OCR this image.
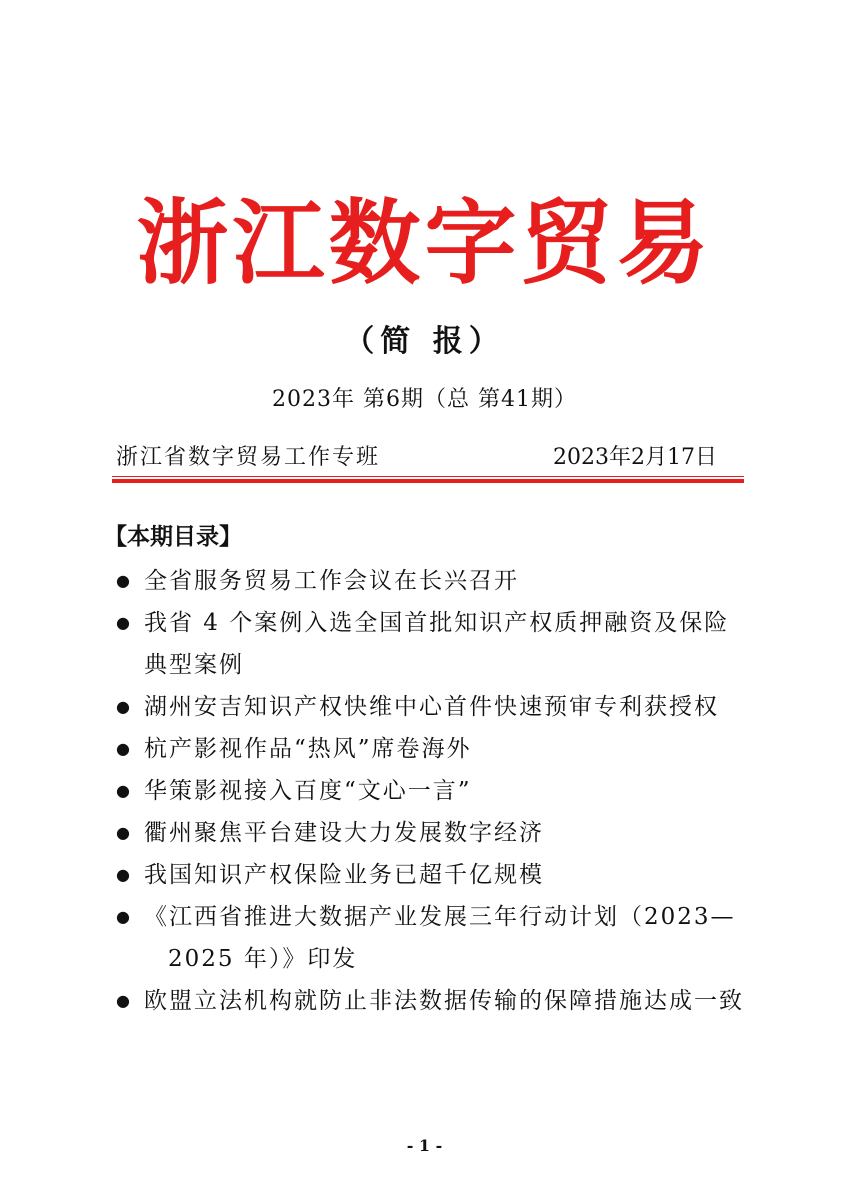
浙江数字贸易
（简 报）
2023年 第6期（总 第41期）
浙江省数字贸易工作专班	2023年2月17日
【本期目录】
● 全省服务贸易工作会议在长兴召开
● 我省 4 个案例入选全国首批知识产权质押融资及保险
典型案例
● 湖州安吉知识产权快维中心首件快速预审专利获授权
● 杭产影视作品“热风”席卷海外
● 华策影视接入百度“文心一言”
● 衢州聚焦平台建设大力发展数字经济
● 我国知识产权保险业务已超千亿规模
● 《江西省推进大数据产业发展三年行动计划（2023—
2025 年）》印发
● 欧盟立法机构就防止非法数据传输的保障措施达成一致
- 1 -
